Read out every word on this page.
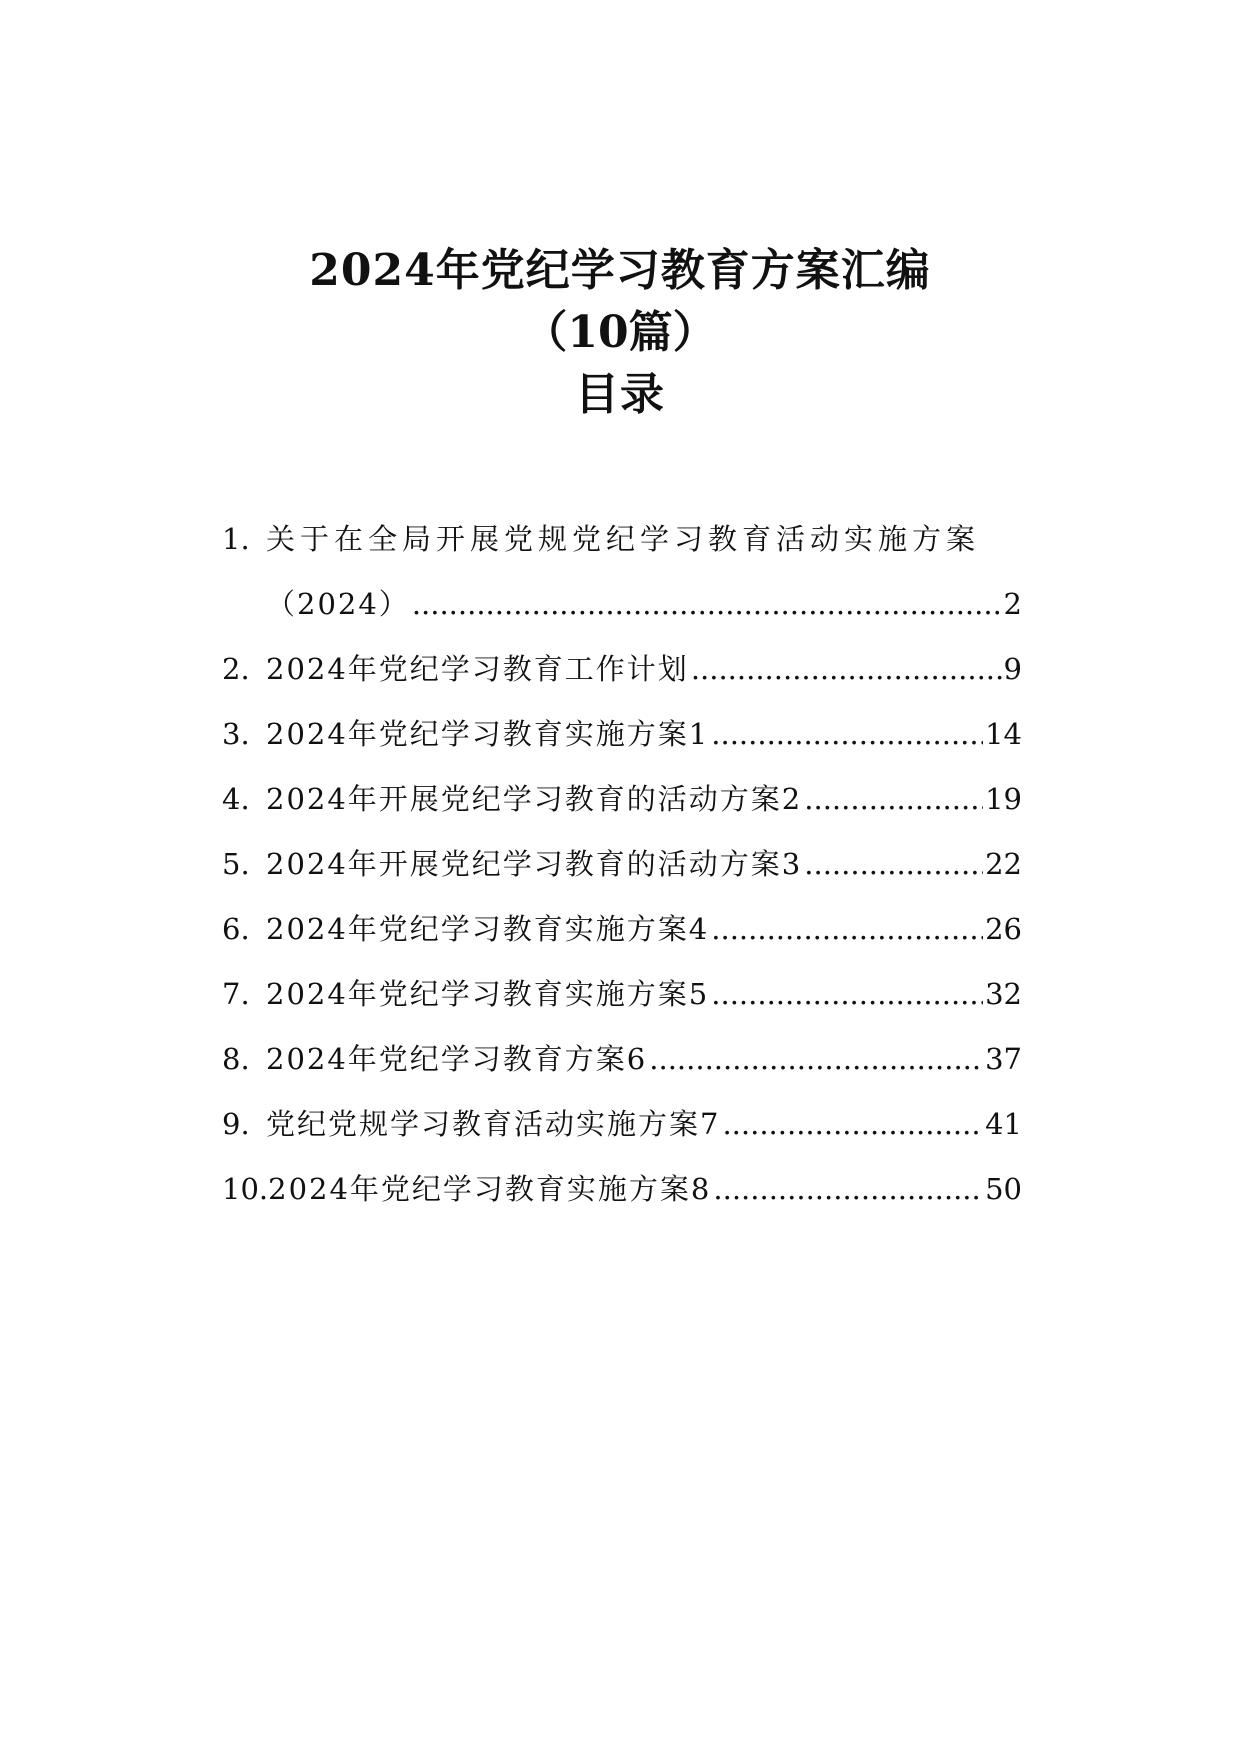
2024年党纪学习教育方案汇编
（10篇）
目录
1. 关于在全局开展党规党纪学习教育活动实施方案
（2024） .....	2
2. 2024年党纪学习教育工作计划 .....	9
3. 2024年党纪学习教育实施方案1 .....	14
4. 2024年开展党纪学习教育的活动方案2 .....	19
5. 2024年开展党纪学习教育的活动方案3 .....	22
6. 2024年党纪学习教育实施方案4 .....	26
7. 2024年党纪学习教育实施方案5 .....	32
8. 2024年党纪学习教育方案6 .....	37
9. 党纪党规学习教育活动实施方案7 .....	41
10. 2024年党纪学习教育实施方案8 .....	50
